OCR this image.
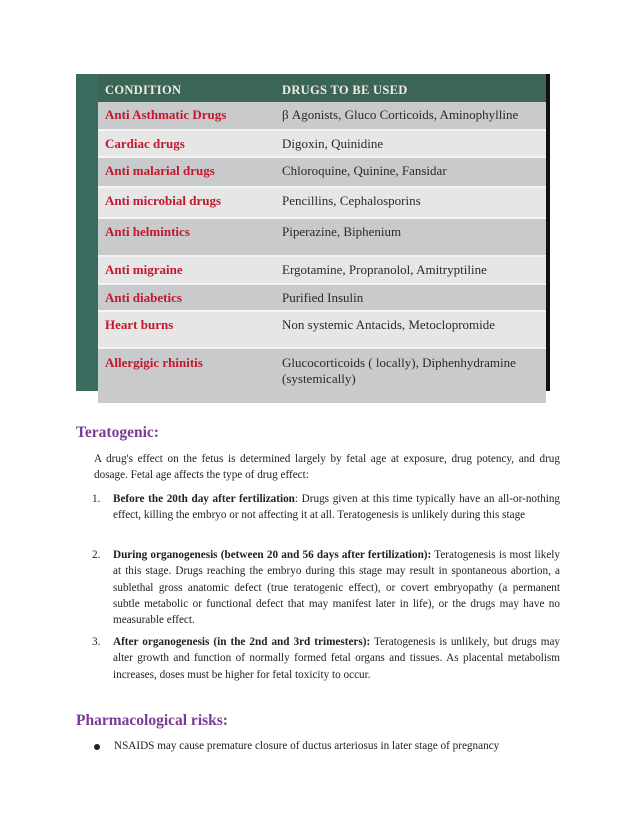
CONDITION	DRUGS TO BE USED
Anti Asthmatic Drugs	β Agonists, Gluco Corticoids, Aminophylline
Cardiac drugs	Digoxin, Quinidine
Anti malarial drugs	Chloroquine, Quinine, Fansidar
Anti microbial drugs	Pencillins, Cephalosporins
Anti helmintics	Piperazine, Biphenium
Anti migraine	Ergotamine, Propranolol, Amitryptiline
Anti diabetics	Purified Insulin
Heart burns	Non systemic Antacids, Metoclopromide
Allergigic rhinitis	Glucocorticoids ( locally), Diphenhydramine (systemically)
Teratogenic:
A drug's effect on the fetus is determined largely by fetal age at exposure, drug potency, and drug dosage. Fetal age affects the type of drug effect:
1. Before the 20th day after fertilization: Drugs given at this time typically have an all-or-nothing effect, killing the embryo or not affecting it at all. Teratogenesis is unlikely during this stage
2. During organogenesis (between 20 and 56 days after fertilization): Teratogenesis is most likely at this stage. Drugs reaching the embryo during this stage may result in spontaneous abortion, a sublethal gross anatomic defect (true teratogenic effect), or covert embryopathy (a permanent subtle metabolic or functional defect that may manifest later in life), or the drugs may have no measurable effect.
3. After organogenesis (in the 2nd and 3rd trimesters): Teratogenesis is unlikely, but drugs may alter growth and function of normally formed fetal organs and tissues. As placental metabolism increases, doses must be higher for fetal toxicity to occur.
Pharmacological risks:
NSAIDS may cause premature closure of ductus arteriosus in later stage of pregnancy
